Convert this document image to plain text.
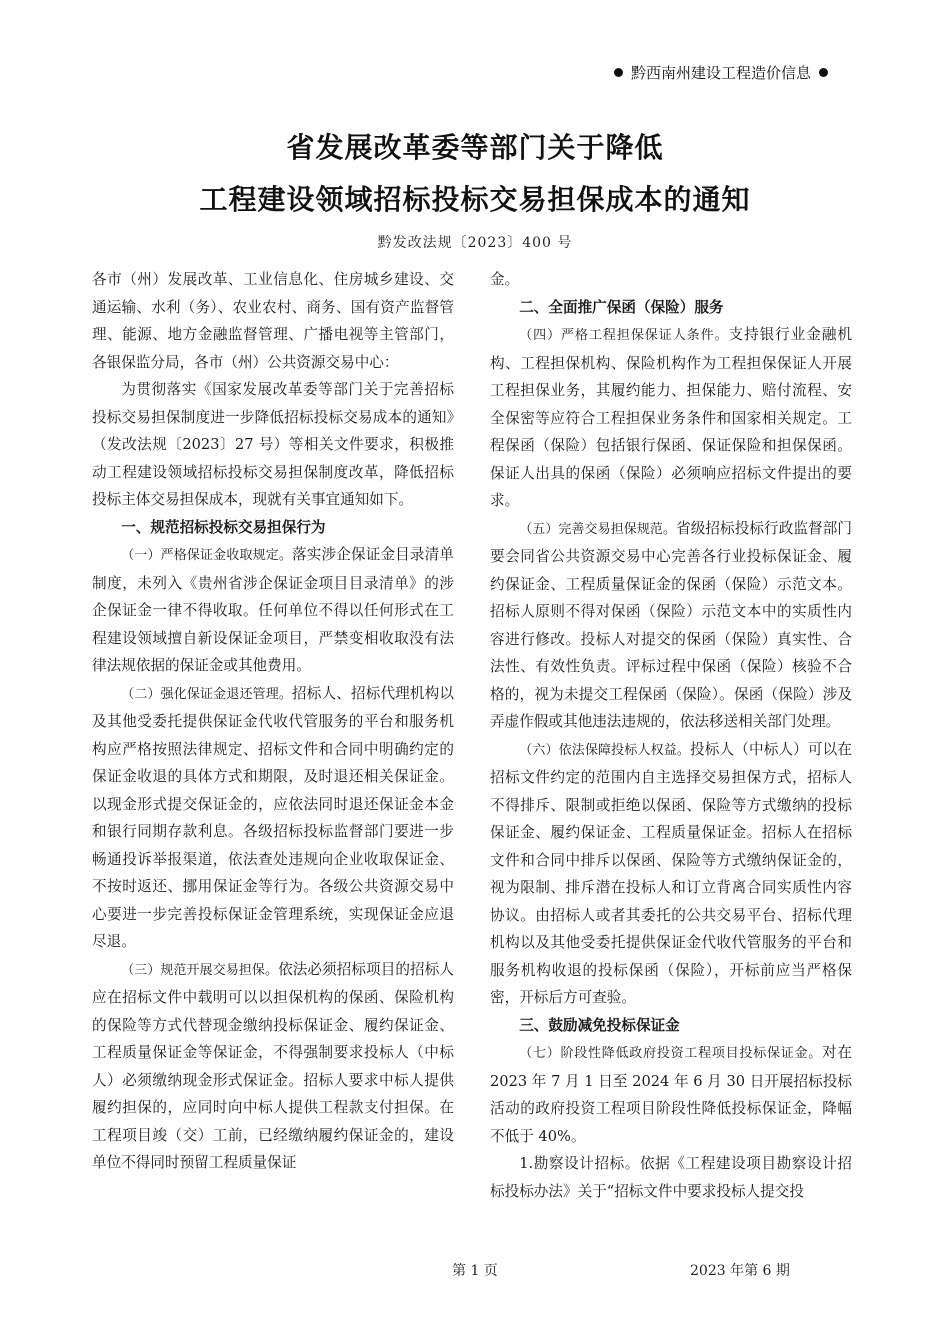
黔西南州建设工程造价信息
省发展改革委等部门关于降低
工程建设领域招标投标交易担保成本的通知
黔发改法规〔2023〕400 号

各市（州）发展改革、工业信息化、住房城乡建设、交通运输、水利（务）、农业农村、商务、国有资产监督管理、能源、地方金融监督管理、广播电视等主管部门，各银保监分局，各市（州）公共资源交易中心：

为贯彻落实《国家发展改革委等部门关于完善招标投标交易担保制度进一步降低招标投标交易成本的通知》（发改法规〔2023〕27 号）等相关文件要求，积极推动工程建设领域招标投标交易担保制度改革，降低招标投标主体交易担保成本，现就有关事宜通知如下。

一、规范招标投标交易担保行为

（一）严格保证金收取规定。落实涉企保证金目录清单制度，未列入《贵州省涉企保证金项目目录清单》的涉企保证金一律不得收取。任何单位不得以任何形式在工程建设领域擅自新设保证金项目，严禁变相收取没有法律法规依据的保证金或其他费用。

（二）强化保证金退还管理。招标人、招标代理机构以及其他受委托提供保证金代收代管服务的平台和服务机构应严格按照法律规定、招标文件和合同中明确约定的保证金收退的具体方式和期限，及时退还相关保证金。以现金形式提交保证金的，应依法同时退还保证金本金和银行同期存款利息。各级招标投标监督部门要进一步畅通投诉举报渠道，依法查处违规向企业收取保证金、不按时返还、挪用保证金等行为。各级公共资源交易中心要进一步完善投标保证金管理系统，实现保证金应退尽退。

（三）规范开展交易担保。依法必须招标项目的招标人应在招标文件中载明可以以担保机构的保函、保险机构的保险等方式代替现金缴纳投标保证金、履约保证金、工程质量保证金等保证金，不得强制要求投标人（中标人）必须缴纳现金形式保证金。招标人要求中标人提供履约担保的，应同时向中标人提供工程款支付担保。在工程项目竣（交）工前，已经缴纳履约保证金的，建设单位不得同时预留工程质量保证

金。

二、全面推广保函（保险）服务

（四）严格工程担保保证人条件。支持银行业金融机构、工程担保机构、保险机构作为工程担保保证人开展工程担保业务，其履约能力、担保能力、赔付流程、安全保密等应符合工程担保业务条件和国家相关规定。工程保函（保险）包括银行保函、保证保险和担保保函。保证人出具的保函（保险）必须响应招标文件提出的要求。

（五）完善交易担保规范。省级招标投标行政监督部门要会同省公共资源交易中心完善各行业投标保证金、履约保证金、工程质量保证金的保函（保险）示范文本。招标人原则不得对保函（保险）示范文本中的实质性内容进行修改。投标人对提交的保函（保险）真实性、合法性、有效性负责。评标过程中保函（保险）核验不合格的，视为未提交工程保函（保险）。保函（保险）涉及弄虚作假或其他违法违规的，依法移送相关部门处理。

（六）依法保障投标人权益。投标人（中标人）可以在招标文件约定的范围内自主选择交易担保方式，招标人不得排斥、限制或拒绝以保函、保险等方式缴纳的投标保证金、履约保证金、工程质量保证金。招标人在招标文件和合同中排斥以保函、保险等方式缴纳保证金的，视为限制、排斥潜在投标人和订立背离合同实质性内容协议。由招标人或者其委托的公共交易平台、招标代理机构以及其他受委托提供保证金代收代管服务的平台和服务机构收退的投标保函（保险），开标前应当严格保密，开标后方可查验。

三、鼓励减免投标保证金

（七）阶段性降低政府投资工程项目投标保证金。对在 2023 年 7 月 1 日至 2024 年 6 月 30 日开展招标投标活动的政府投资工程项目阶段性降低投标保证金，降幅不低于 40%。

1.勘察设计招标。依据《工程建设项目勘察设计招标投标办法》关于“招标文件中要求投标人提交投

第 1 页	2023 年第 6 期
